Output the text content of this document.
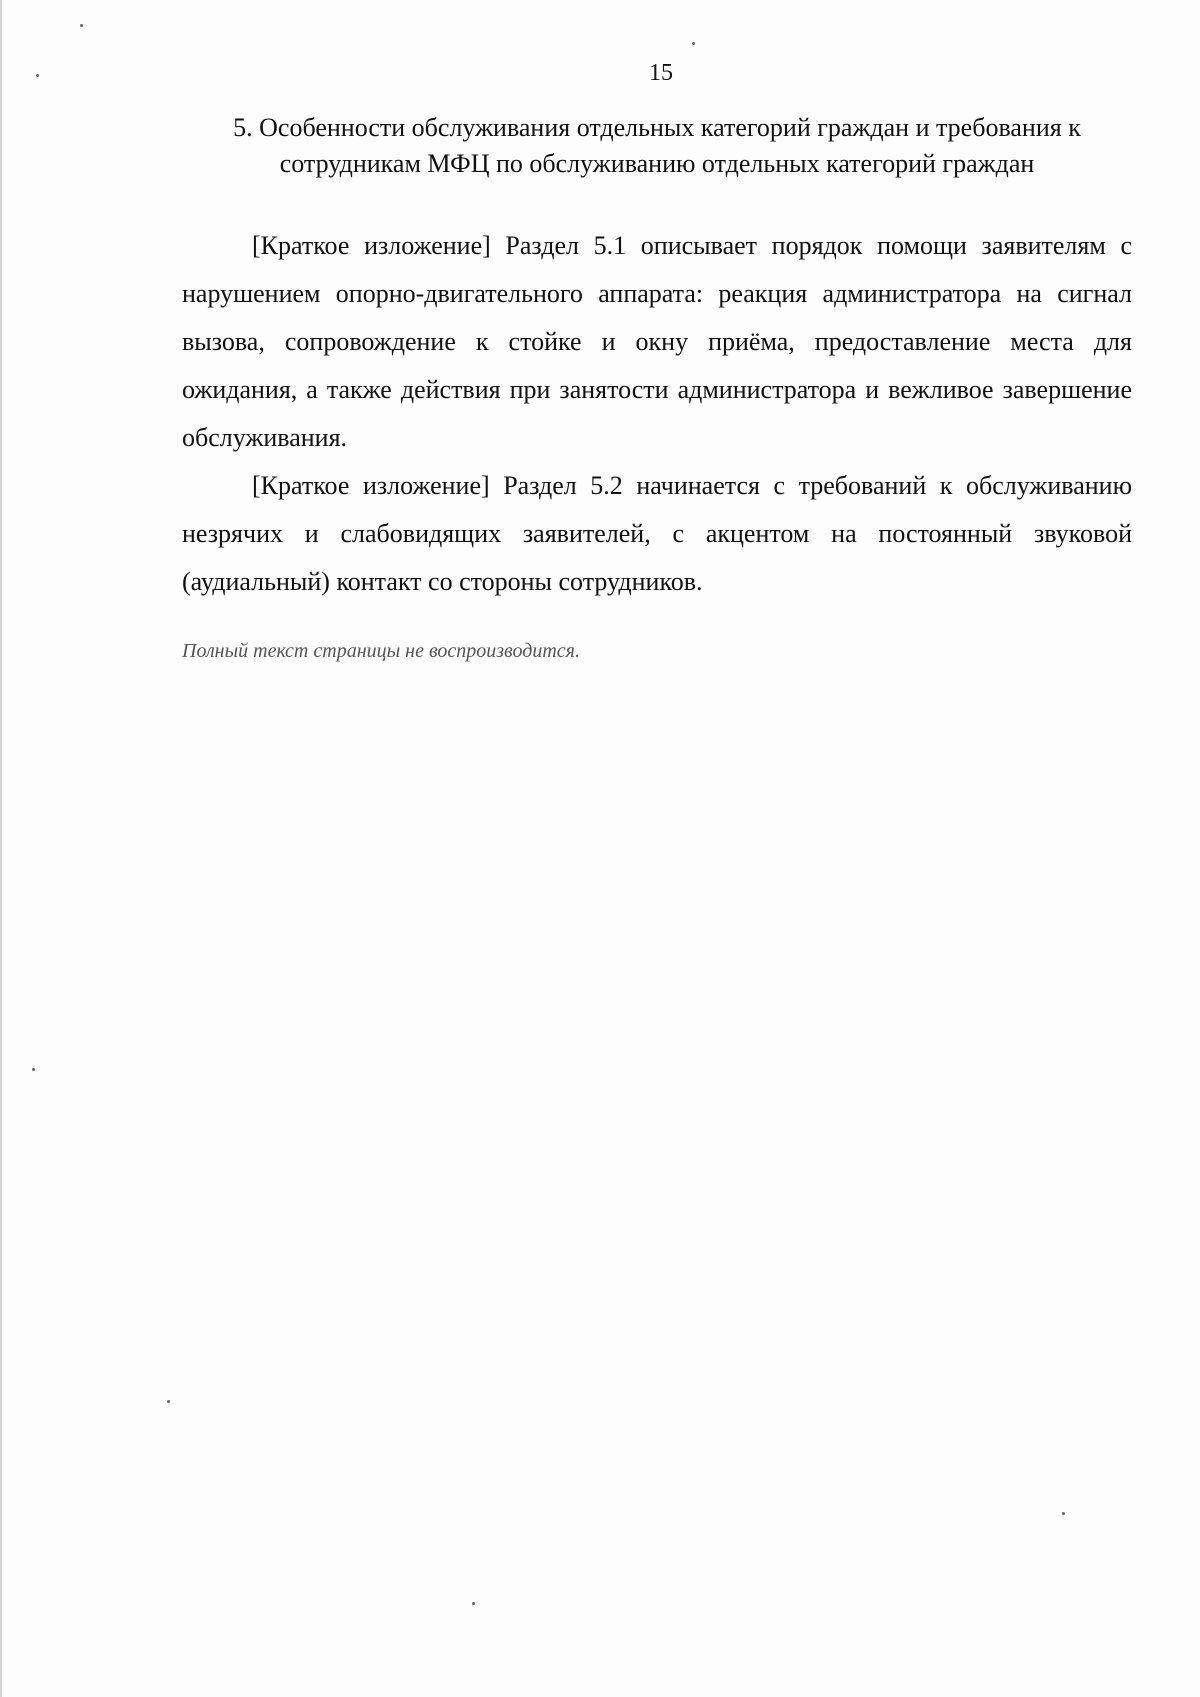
15
5. Особенности обслуживания отдельных категорий граждан и требования к сотрудникам МФЦ по обслуживанию отдельных категорий граждан

[Краткое изложение] Раздел 5.1 описывает порядок помощи заявителям с нарушением опорно-двигательного аппарата: реакция администратора на сигнал вызова, сопровождение к стойке и окну приёма, предоставление места для ожидания, а также действия при занятости администратора и вежливое завершение обслуживания.

[Краткое изложение] Раздел 5.2 начинается с требований к обслуживанию незрячих и слабовидящих заявителей, с акцентом на постоянный звуковой (аудиальный) контакт со стороны сотрудников.

Полный текст страницы не воспроизводится.
